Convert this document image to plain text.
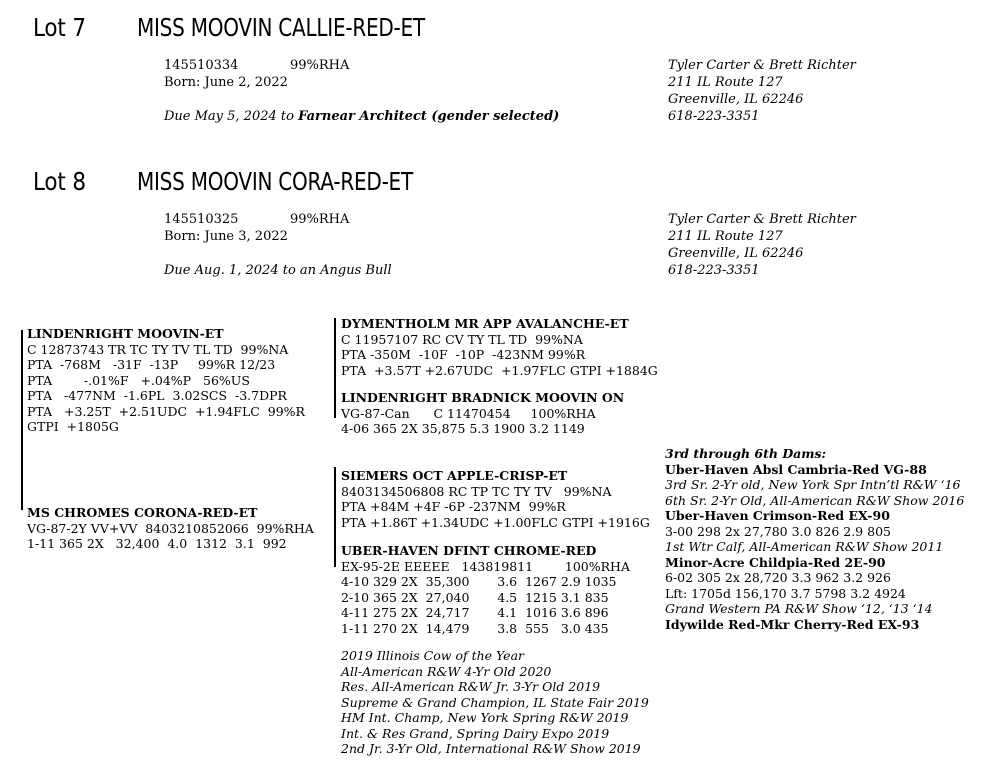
Lot 7 MISS MOOVIN CALLIE-RED-ET
145510334	99%RHA
Born: June 2, 2022
Due May 5, 2024 to Farnear Architect (gender selected)
Tyler Carter & Brett Richter
211 IL Route 127
Greenville, IL 62246
618-223-3351
Lot 8 MISS MOOVIN CORA-RED-ET
145510325	99%RHA
Born: June 3, 2022
Due Aug. 1, 2024 to an Angus Bull
Tyler Carter & Brett Richter
211 IL Route 127
Greenville, IL 62246
618-223-3351
LINDENRIGHT MOOVIN-ET
C 12873743 TR TC TY TV TL TD  99%NA
PTA  -768M   -31F  -13P     99%R 12/23
PTA        -.01%F   +.04%P   56%US
PTA   -477NM  -1.6PL  3.02SCS  -3.7DPR
PTA   +3.25T  +2.51UDC  +1.94FLC  99%R
GTPI  +1805G
DYMENTHOLM MR APP AVALANCHE-ET
C 11957107 RC CV TY TL TD  99%NA
PTA -350M  -10F  -10P  -423NM 99%R
PTA  +3.57T +2.67UDC  +1.97FLC GTPI +1884G
LINDENRIGHT BRADNICK MOOVIN ON
VG-87-Can      C 11470454     100%RHA
4-06 365 2X 35,875 5.3 1900 3.2 1149
MS CHROMES CORONA-RED-ET
VG-87-2Y VV+VV  8403210852066  99%RHA
1-11 365 2X   32,400  4.0  1312  3.1  992
SIEMERS OCT APPLE-CRISP-ET
8403134506808 RC TP TC TY TV   99%NA
PTA +84M +4F -6P -237NM  99%R
PTA +1.86T +1.34UDC +1.00FLC GTPI +1916G
UBER-HAVEN DFINT CHROME-RED
EX-95-2E EEEEE   143819811        100%RHA
4-10 329 2X  35,300       3.6  1267 2.9 1035
2-10 365 2X  27,040       4.5  1215 3.1 835
4-11 275 2X  24,717       4.1  1016 3.6 896
1-11 270 2X  14,479       3.8  555   3.0 435
2019 Illinois Cow of the Year
All-American R&W 4-Yr Old 2020
Res. All-American R&W Jr. 3-Yr Old 2019
Supreme & Grand Champion, IL State Fair 2019
HM Int. Champ, New York Spring R&W 2019
Int. & Res Grand, Spring Dairy Expo 2019
2nd Jr. 3-Yr Old, International R&W Show 2019
3rd through 6th Dams:
Uber-Haven Absl Cambria-Red VG-88
3rd Sr. 2-Yr old, New York Spr Intn’tl R&W ‘16
6th Sr. 2-Yr Old, All-American R&W Show 2016
Uber-Haven Crimson-Red EX-90
3-00 298 2x 27,780 3.0 826 2.9 805
1st Wtr Calf, All-American R&W Show 2011
Minor-Acre Childpia-Red 2E-90
6-02 305 2x 28,720 3.3 962 3.2 926
Lft: 1705d 156,170 3.7 5798 3.2 4924
Grand Western PA R&W Show ‘12, ‘13 ‘14
Idywilde Red-Mkr Cherry-Red EX-93
